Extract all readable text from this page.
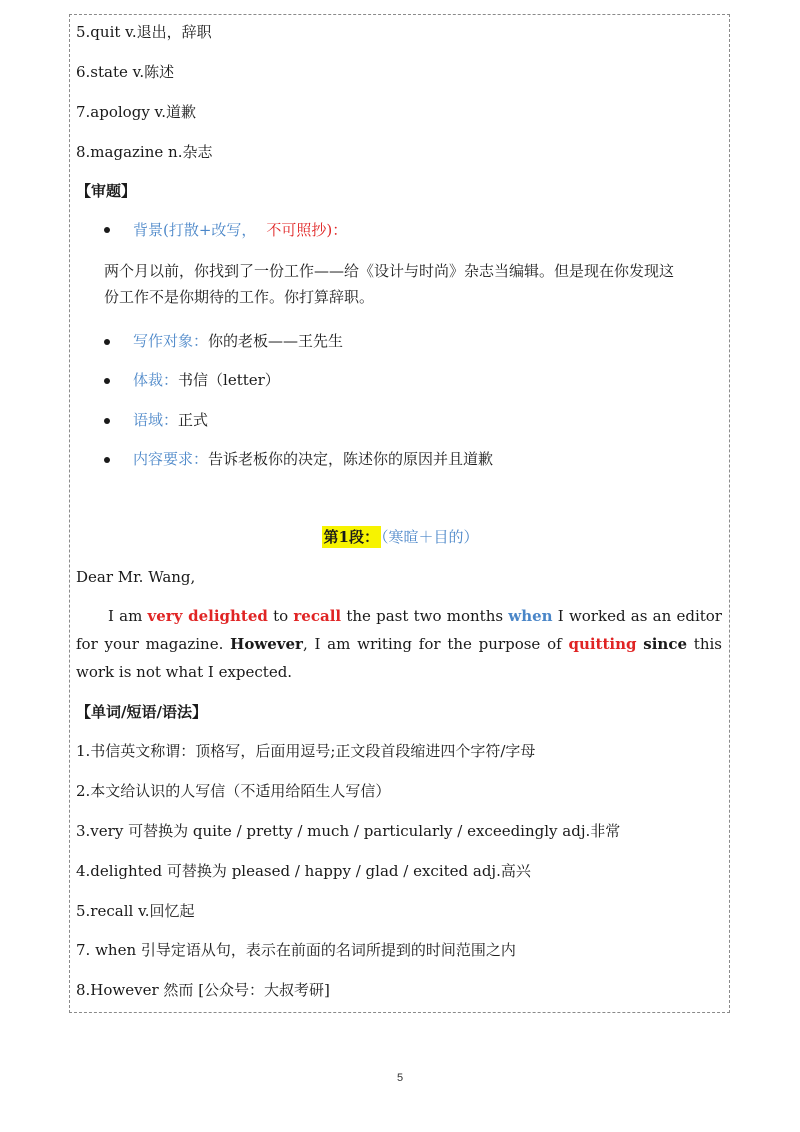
5.quit v.退出，辞职
6.state v.陈述
7.apology v.道歉
8.magazine n.杂志
【审题】
背景(打散+改写， 不可照抄)：
两个月以前，你找到了一份工作——给《设计与时尚》杂志当编辑。但是现在你发现这
份工作不是你期待的工作。你打算辞职。
写作对象：你的老板——王先生
体裁：书信（letter）
语域：正式
内容要求：告诉老板你的决定，陈述你的原因并且道歉
第1段： （寒暄＋目的）
Dear Mr. Wang,
I am very delighted to recall the past two months when I worked as an editor for your magazine. However, I am writing for the purpose of quitting since this work is not what I expected.
【单词/短语/语法】
1.书信英文称谓：顶格写，后面用逗号;正文段首段缩进四个字符/字母
2.本文给认识的人写信（不适用给陌生人写信）
3.very 可替换为 quite / pretty / much / particularly / exceedingly adj.非常
4.delighted 可替换为 pleased / happy / glad / excited adj.高兴
5.recall v.回忆起
7. when 引导定语从句，表示在前面的名词所提到的时间范围之内
8.However 然而 [公众号：大叔考研]
5
